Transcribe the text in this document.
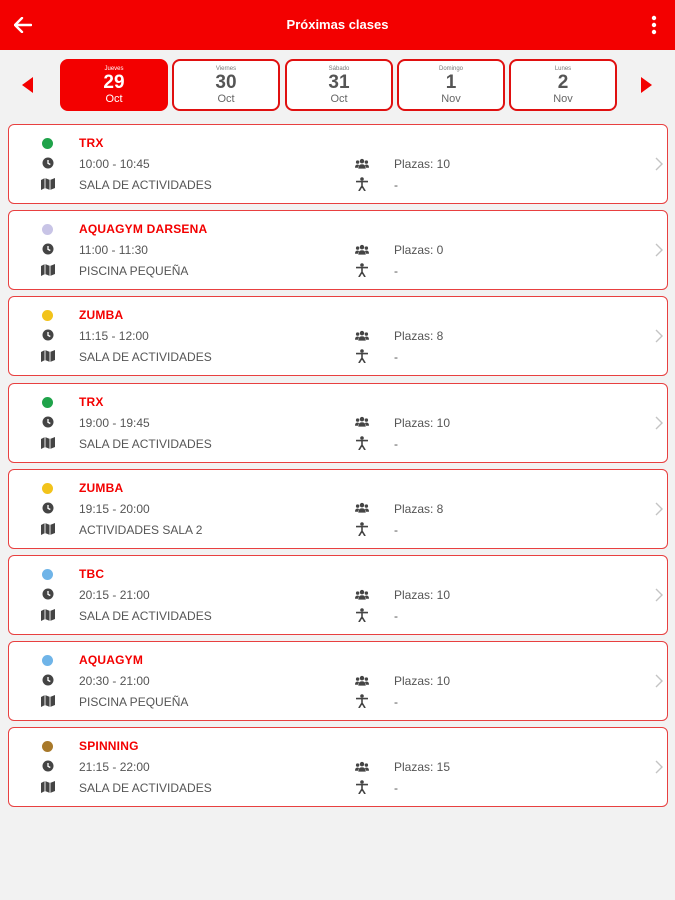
Próximas clases
Jueves
29
Oct
Viernes
30
Oct
Sábado
31
Oct
Domingo
1
Nov
Lunes
2
Nov
TRX
10:00 - 10:45
SALA DE ACTIVIDADES
Plazas: 10
-
AQUAGYM DARSENA
11:00 - 11:30
PISCINA PEQUEÑA
Plazas: 0
-
ZUMBA
11:15 - 12:00
SALA DE ACTIVIDADES
Plazas: 8
-
TRX
19:00 - 19:45
SALA DE ACTIVIDADES
Plazas: 10
-
ZUMBA
19:15 - 20:00
ACTIVIDADES SALA 2
Plazas: 8
-
TBC
20:15 - 21:00
SALA DE ACTIVIDADES
Plazas: 10
-
AQUAGYM
20:30 - 21:00
PISCINA PEQUEÑA
Plazas: 10
-
SPINNING
21:15 - 22:00
SALA DE ACTIVIDADES
Plazas: 15
-
